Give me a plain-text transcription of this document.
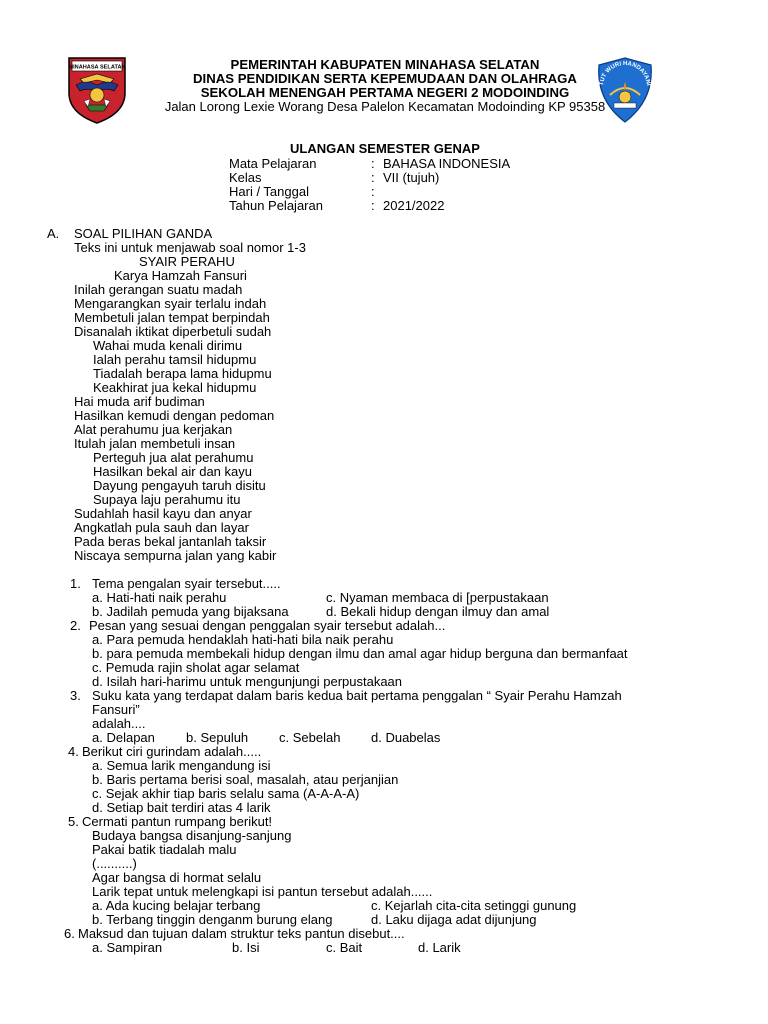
MINAHASA SELATAN
TUT WURI HANDAYANI
PEMERINTAH KABUPATEN MINAHASA SELATAN
DINAS PENDIDIKAN SERTA KEPEMUDAAN DAN OLAHRAGA
SEKOLAH MENENGAH PERTAMA NEGERI 2 MODOINDING
Jalan Lorong Lexie Worang Desa Palelon Kecamatan Modoinding KP 95358
ULANGAN SEMESTER GENAP
Mata Pelajaran	: BAHASA INDONESIA
Kelas	: VII (tujuh)
Hari / Tanggal	:
Tahun Pelajaran	: 2021/2022
A. SOAL PILIHAN GANDA
Teks ini untuk menjawab soal nomor 1-3
SYAIR PERAHU
Karya Hamzah Fansuri
Inilah gerangan suatu madah
Mengarangkan syair terlalu indah
Membetuli jalan tempat berpindah
Disanalah iktikat diperbetuli sudah
Wahai muda kenali dirimu
Ialah perahu tamsil hidupmu
Tiadalah berapa lama hidupmu
Keakhirat jua kekal hidupmu
Hai muda arif budiman
Hasilkan kemudi dengan pedoman
Alat perahumu jua kerjakan
Itulah jalan membetuli insan
Perteguh jua alat perahumu
Hasilkan bekal air dan kayu
Dayung pengayuh taruh disitu
Supaya laju perahumu itu
Sudahlah hasil kayu dan anyar
Angkatlah pula sauh dan layar
Pada beras bekal jantanlah taksir
Niscaya sempurna jalan yang kabir
1. Tema pengalan syair tersebut.....
a. Hati-hati naik perahu	c. Nyaman membaca di [perpustakaan
b. Jadilah pemuda yang bijaksana	d. Bekali hidup dengan ilmuy dan amal
2. Pesan yang sesuai dengan penggalan syair tersebut adalah...
a. Para pemuda hendaklah hati-hati bila naik perahu
b. para pemuda membekali hidup dengan ilmu dan amal agar hidup berguna dan bermanfaat
c. Pemuda rajin sholat agar selamat
d. Isilah hari-harimu untuk mengunjungi perpustakaan
3. Suku kata yang terdapat dalam baris kedua bait pertama penggalan “ Syair Perahu Hamzah
Fansuri”
adalah....
a. Delapan b. Sepuluh c. Sebelah d. Duabelas
4. Berikut ciri gurindam adalah.....
a. Semua larik mengandung isi
b. Baris pertama berisi soal, masalah, atau perjanjian
c. Sejak akhir tiap baris selalu sama (A-A-A-A)
d. Setiap bait terdiri atas 4 larik
5. Cermati pantun rumpang berikut!
Budaya bangsa disanjung-sanjung
Pakai batik tiadalah malu
(..........)
Agar bangsa di hormat selalu
Larik tepat untuk melengkapi isi pantun tersebut adalah......
a. Ada kucing belajar terbang	c. Kejarlah cita-cita setinggi gunung
b. Terbang tinggin denganm burung elang	d. Laku dijaga adat dijunjung
6. Maksud dan tujuan dalam struktur teks pantun disebut....
a. Sampiran	b. Isi	c. Bait	d. Larik
